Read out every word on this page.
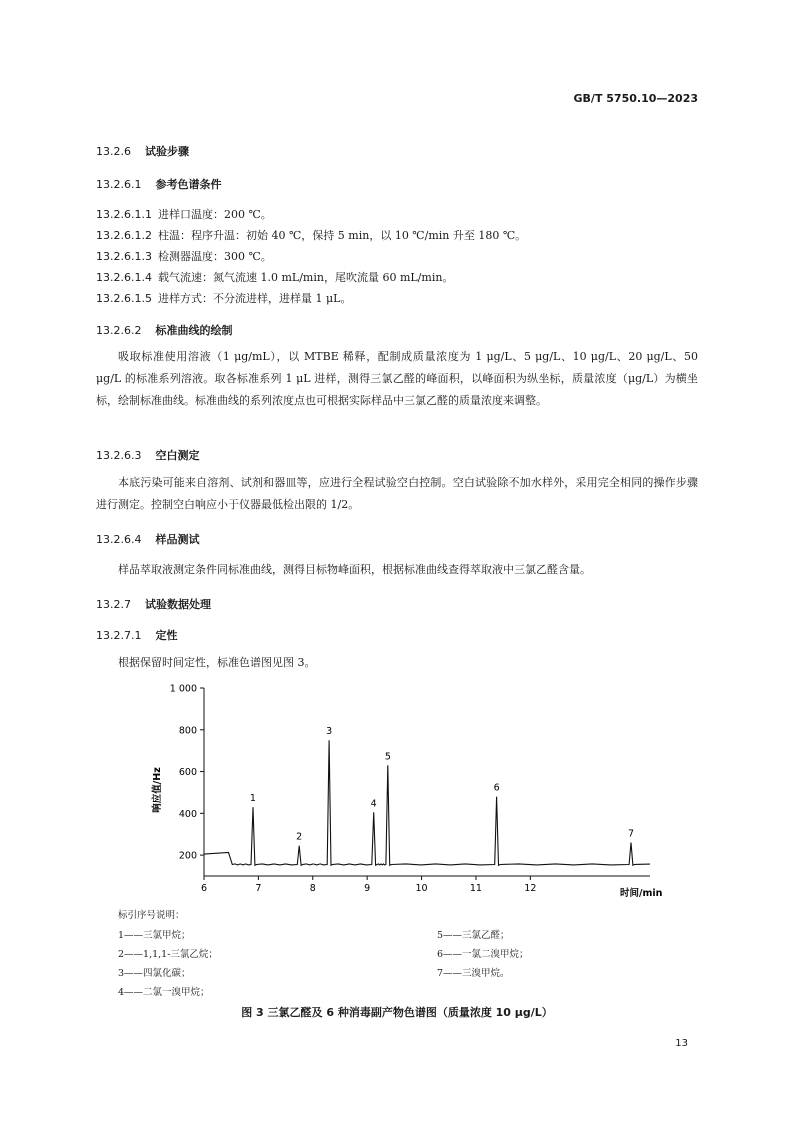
GB/T 5750.10—2023
13.2.6 试验步骤
13.2.6.1 参考色谱条件
13.2.6.1.1 进样口温度：200 ℃。
13.2.6.1.2 柱温：程序升温：初始 40 ℃，保持 5 min，以 10 ℃/min 升至 180 ℃。
13.2.6.1.3 检测器温度：300 ℃。
13.2.6.1.4 载气流速：氮气流速 1.0 mL/min，尾吹流量 60 mL/min。
13.2.6.1.5 进样方式：不分流进样，进样量 1 μL。
13.2.6.2 标准曲线的绘制
吸取标准使用溶液（1 μg/mL），以 MTBE 稀释，配制成质量浓度为 1 μg/L、5 μg/L、10 μg/L、20 μg/L、50 μg/L 的标准系列溶液。取各标准系列 1 μL 进样，测得三氯乙醛的峰面积，以峰面积为纵坐标，质量浓度（μg/L）为横坐标，绘制标准曲线。标准曲线的系列浓度点也可根据实际样品中三氯乙醛的质量浓度来调整。
13.2.6.3 空白测定
本底污染可能来自溶剂、试剂和器皿等，应进行全程试验空白控制。空白试验除不加水样外，采用完全相同的操作步骤进行测定。控制空白响应小于仪器最低检出限的 1/2。
13.2.6.4 样品测试
样品萃取液测定条件同标准曲线，测得目标物峰面积，根据标准曲线查得萃取液中三氯乙醛含量。
13.2.7 试验数据处理
13.2.7.1 定性
根据保留时间定性，标准色谱图见图 3。
200
400
600
800
1 000
6	7	8	9	10	11	12
响应值/Hz
时间/min
1
2
3
4
5
6
7
标引序号说明：
1——三氯甲烷；
2——1,1,1-三氯乙烷；
3——四氯化碳；
4——二氯一溴甲烷；
5——三氯乙醛；
6——一氯二溴甲烷；
7——三溴甲烷。
图 3 三氯乙醛及 6 种消毒副产物色谱图（质量浓度 10 μg/L）
13
